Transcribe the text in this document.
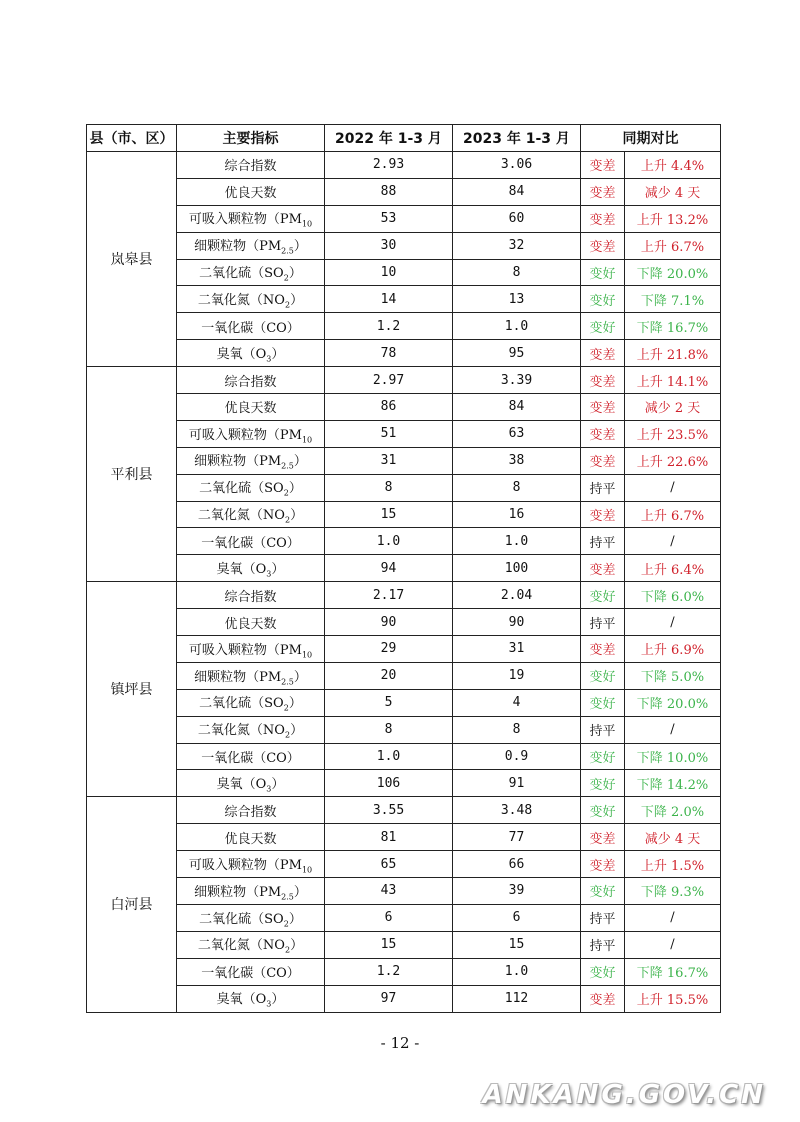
县（市、区）	主要指标	2022 年 1-3 月	2023 年 1-3 月	同期对比	
岚皋县	综合指数	2.93	3.06	变差	上升 4.4%
	优良天数	88	84	变差	减少 4 天
	可吸入颗粒物（$PM_{10}$	53	60	变差	上升 13.2%
	细颗粒物$(PM_{2.5})$	30	32	变差	上升 6.7%
	二氧化硫$(SO_2)$	10	8	变好	下降 20.0%
	二氧化氮$(NO_2)$	14	13	变好	下降 7.1%
	一氧化碳（CO）	1.2	1.0	变好	下降 16.7%
	臭氧$(O_3)$	78	95	变差	上升 21.8%
平利县	综合指数	2.97	3.39	变差	上升 14.1%
	优良天数	86	84	变差	减少 2 天
	可吸入颗粒物（$PM_{10}$	51	63	变差	上升 23.5%
	细颗粒物$(PM_{2.5})$	31	38	变差	上升 22.6%
	二氧化硫$(SO_2)$	8	8	持平	/
	二氧化氮$(NO_2)$	15	16	变差	上升 6.7%
	一氧化碳（CO）	1.0	1.0	持平	/
	臭氧$(O_3)$	94	100	变差	上升 6.4%
镇坪县	综合指数	2.17	2.04	变好	下降 6.0%
	优良天数	90	90	持平	/
	可吸入颗粒物（$PM_{10}$	29	31	变差	上升 6.9%
	细颗粒物$(PM_{2.5})$	20	19	变好	下降 5.0%
	二氧化硫$(SO_2)$	5	4	变好	下降 20.0%
	二氧化氮$(NO_2)$	8	8	持平	/
	一氧化碳（CO）	1.0	0.9	变好	下降 10.0%
	臭氧$(O_3)$	106	91	变好	下降 14.2%
白河县	综合指数	3.55	3.48	变好	下降 2.0%
	优良天数	81	77	变差	减少 4 天
	可吸入颗粒物（$PM_{10}$	65	66	变差	上升 1.5%
	细颗粒物$(PM_{2.5})$	43	39	变好	下降 9.3%
	二氧化硫$(SO_2)$	6	6	持平	/
	二氧化氮$(NO_2)$	15	15	持平	/
	一氧化碳（CO）	1.2	1.0	变好	下降 16.7%
	臭氧$(O_3)$	97	112	变差	上升 15.5%
- 12 -
ANKANG.GOV.CN
